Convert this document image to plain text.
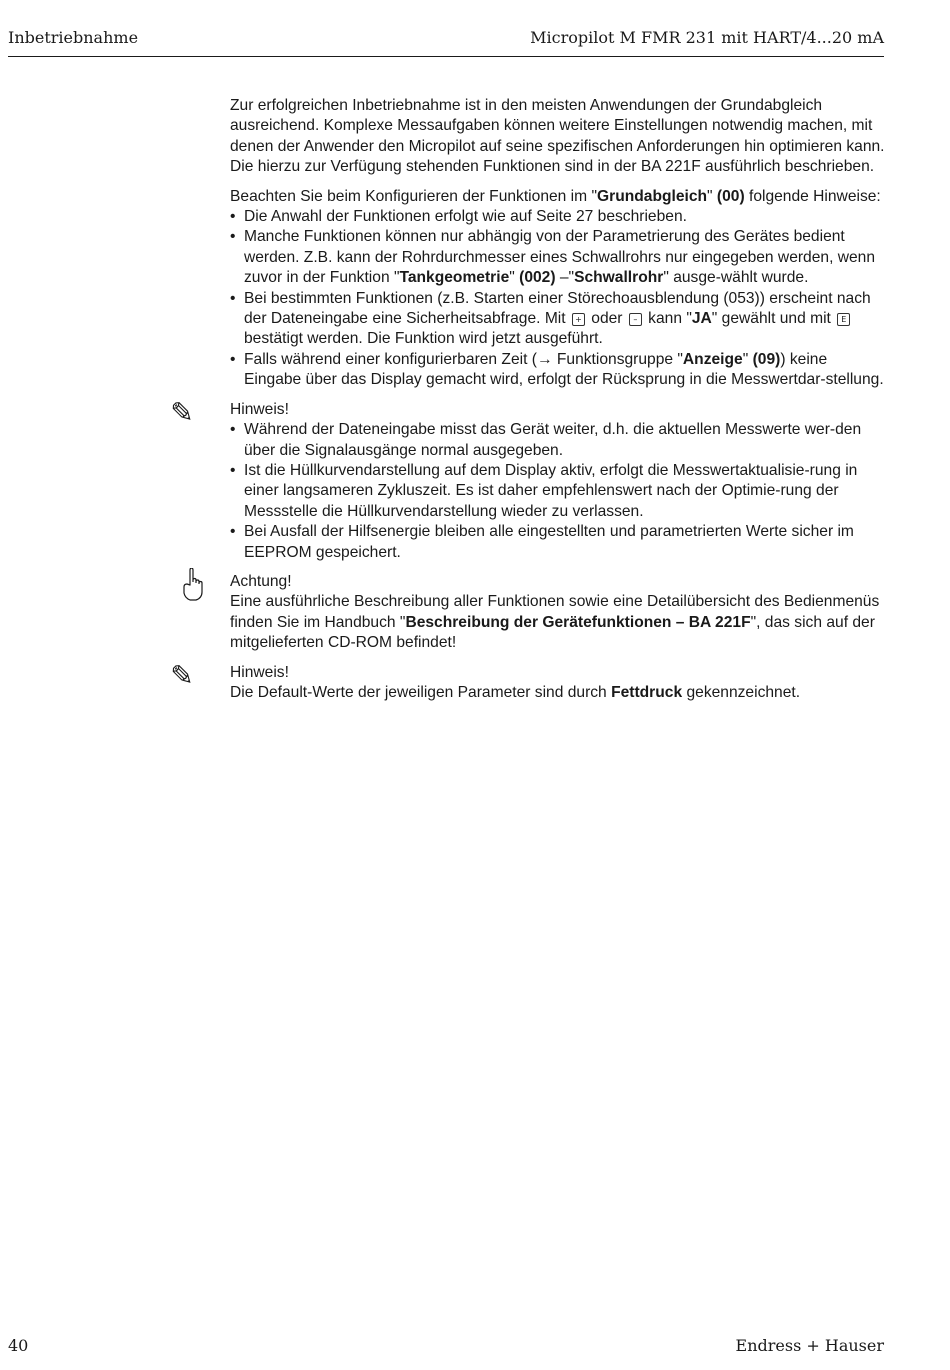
Inbetriebnahme	Micropilot M FMR 231 mit HART/4...20 mA

Zur erfolgreichen Inbetriebnahme ist in den meisten Anwendungen der Grundabgleich ausreichend. Komplexe Messaufgaben können weitere Einstellungen notwendig machen, mit denen der Anwender den Micropilot auf seine spezifischen Anforderungen hin optimieren kann. Die hierzu zur Verfügung stehenden Funktionen sind in der BA 221F ausführlich beschrieben.

Beachten Sie beim Konfigurieren der Funktionen im "Grundabgleich" (00) folgende Hinweise:

• Die Anwahl der Funktionen erfolgt wie auf Seite 27 beschrieben.
• Manche Funktionen können nur abhängig von der Parametrierung des Gerätes bedient werden. Z.B. kann der Rohrdurchmesser eines Schwallrohrs nur eingegeben werden, wenn zuvor in der Funktion "Tankgeometrie" (002) –"Schwallrohr" ausge-wählt wurde.
• Bei bestimmten Funktionen (z.B. Starten einer Störechoausblendung (053)) erscheint nach der Dateneingabe eine Sicherheitsabfrage. Mit + oder – kann "JA" gewählt und mit E bestätigt werden. Die Funktion wird jetzt ausgeführt.
• Falls während einer konfigurierbaren Zeit (→ Funktionsgruppe "Anzeige" (09)) keine Eingabe über das Display gemacht wird, erfolgt der Rücksprung in die Messwertdar-stellung.
✎	Hinweis!
• Während der Dateneingabe misst das Gerät weiter, d.h. die aktuellen Messwerte wer-den über die Signalausgänge normal ausgegeben.
• Ist die Hüllkurvendarstellung auf dem Display aktiv, erfolgt die Messwertaktualisie-rung in einer langsameren Zykluszeit. Es ist daher empfehlenswert nach der Optimie-rung der Messstelle die Hüllkurvendarstellung wieder zu verlassen.
• Bei Ausfall der Hilfsenergie bleiben alle eingestellten und parametrierten Werte sicher im EEPROM gespeichert.
Achtung!

Eine ausführliche Beschreibung aller Funktionen sowie eine Detailübersicht des Bedienmenüs finden Sie im Handbuch "Beschreibung der Gerätefunktionen – BA 221F", das sich auf der mitgelieferten CD-ROM befindet!

✎	Hinweis!

Die Default-Werte der jeweiligen Parameter sind durch Fettdruck gekennzeichnet.

40	Endress + Hauser
